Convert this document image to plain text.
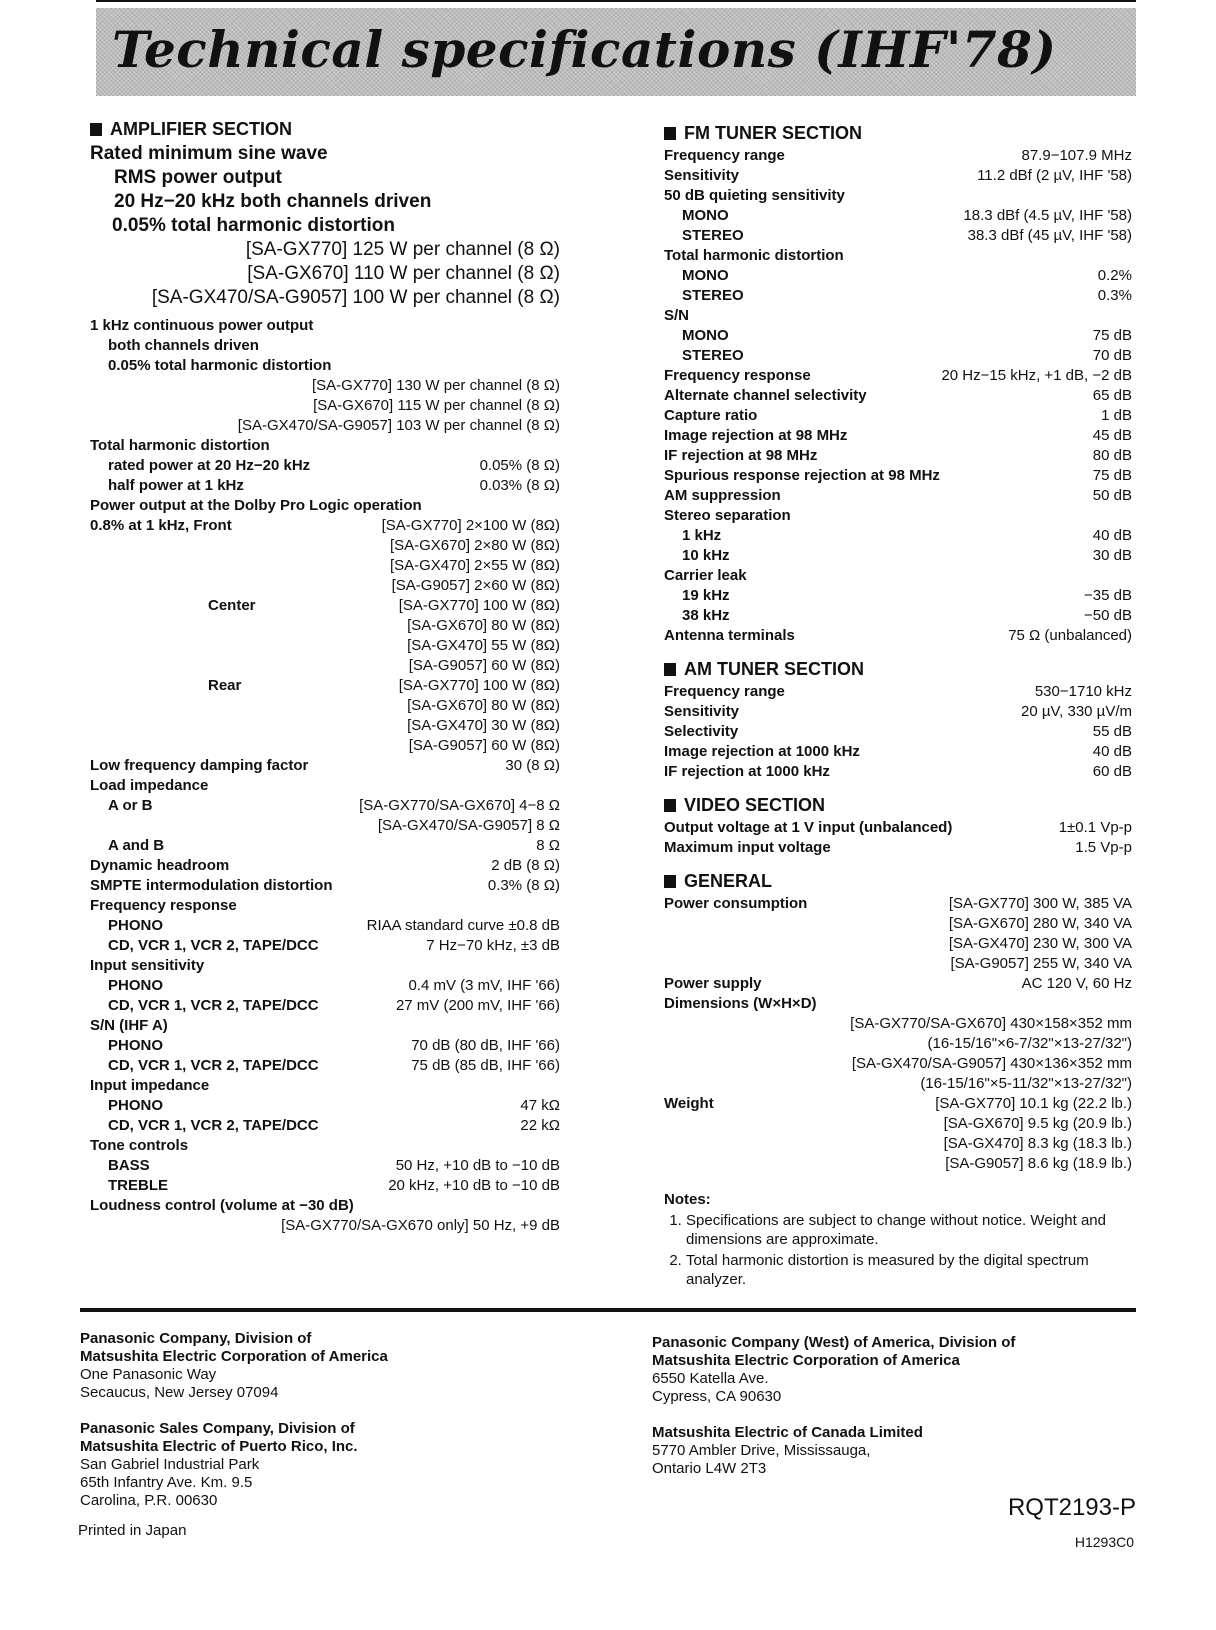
Technical specifications (IHF'78)
AMPLIFIER SECTION
Rated minimum sine wave
RMS power output
20 Hz−20 kHz both channels driven
0.05% total harmonic distortion
[SA-GX770] 125 W per channel (8 Ω)
[SA-GX670] 110 W per channel (8 Ω)
[SA-GX470/SA-G9057] 100 W per channel (8 Ω)
1 kHz continuous power output
both channels driven
0.05% total harmonic distortion
[SA-GX770] 130 W per channel (8 Ω)
[SA-GX670] 115 W per channel (8 Ω)
[SA-GX470/SA-G9057] 103 W per channel (8 Ω)
Total harmonic distortion
rated power at 20 Hz−20 kHz	0.05% (8 Ω)
half power at 1 kHz	0.03% (8 Ω)
Power output at the Dolby Pro Logic operation
0.8% at 1 kHz, Front	[SA-GX770] 2×100 W (8Ω)
[SA-GX670] 2×80 W (8Ω)
[SA-GX470] 2×55 W (8Ω)
[SA-G9057] 2×60 W (8Ω)
Center	[SA-GX770] 100 W (8Ω)
[SA-GX670] 80 W (8Ω)
[SA-GX470] 55 W (8Ω)
[SA-G9057] 60 W (8Ω)
Rear	[SA-GX770] 100 W (8Ω)
[SA-GX670] 80 W (8Ω)
[SA-GX470] 30 W (8Ω)
[SA-G9057] 60 W (8Ω)
Low frequency damping factor	30 (8 Ω)
Load impedance
A or B	[SA-GX770/SA-GX670] 4−8 Ω
[SA-GX470/SA-G9057] 8 Ω
A and B	8 Ω
Dynamic headroom	2 dB (8 Ω)
SMPTE intermodulation distortion	0.3% (8 Ω)
Frequency response
PHONO	RIAA standard curve ±0.8 dB
CD, VCR 1, VCR 2, TAPE/DCC	7 Hz−70 kHz, ±3 dB
Input sensitivity
PHONO	0.4 mV (3 mV, IHF '66)
CD, VCR 1, VCR 2, TAPE/DCC	27 mV (200 mV, IHF '66)
S/N (IHF A)
PHONO	70 dB (80 dB, IHF '66)
CD, VCR 1, VCR 2, TAPE/DCC	75 dB (85 dB, IHF '66)
Input impedance
PHONO	47 kΩ
CD, VCR 1, VCR 2, TAPE/DCC	22 kΩ
Tone controls
BASS	50 Hz, +10 dB to −10 dB
TREBLE	20 kHz, +10 dB to −10 dB
Loudness control (volume at −30 dB)
[SA-GX770/SA-GX670 only] 50 Hz, +9 dB
FM TUNER SECTION
Frequency range	87.9−107.9 MHz
Sensitivity	11.2 dBf (2 µV, IHF '58)
50 dB quieting sensitivity
MONO	18.3 dBf (4.5 µV, IHF '58)
STEREO	38.3 dBf (45 µV, IHF '58)
Total harmonic distortion
MONO	0.2%
STEREO	0.3%
S/N
MONO	75 dB
STEREO	70 dB
Frequency response	20 Hz−15 kHz, +1 dB, −2 dB
Alternate channel selectivity	65 dB
Capture ratio	1 dB
Image rejection at 98 MHz	45 dB
IF rejection at 98 MHz	80 dB
Spurious response rejection at 98 MHz	75 dB
AM suppression	50 dB
Stereo separation
1 kHz	40 dB
10 kHz	30 dB
Carrier leak
19 kHz	−35 dB
38 kHz	−50 dB
Antenna terminals	75 Ω (unbalanced)
AM TUNER SECTION
Frequency range	530−1710 kHz
Sensitivity	20 µV, 330 µV/m
Selectivity	55 dB
Image rejection at 1000 kHz	40 dB
IF rejection at 1000 kHz	60 dB
VIDEO SECTION
Output voltage at 1 V input (unbalanced)	1±0.1 Vp-p
Maximum input voltage	1.5 Vp-p
GENERAL
Power consumption	[SA-GX770] 300 W, 385 VA
[SA-GX670] 280 W, 340 VA
[SA-GX470] 230 W, 300 VA
[SA-G9057] 255 W, 340 VA
Power supply	AC 120 V, 60 Hz
Dimensions (W×H×D)
[SA-GX770/SA-GX670] 430×158×352 mm
(16-15/16"×6-7/32"×13-27/32")
[SA-GX470/SA-G9057] 430×136×352 mm
(16-15/16"×5-11/32"×13-27/32")
Weight	[SA-GX770] 10.1 kg (22.2 lb.)
[SA-GX670] 9.5 kg (20.9 lb.)
[SA-GX470] 8.3 kg (18.3 lb.)
[SA-G9057] 8.6 kg (18.9 lb.)
Notes:
1. Specifications are subject to change without notice. Weight and dimensions are approximate.
2. Total harmonic distortion is measured by the digital spectrum analyzer.
Panasonic Company, Division of
Matsushita Electric Corporation of America
One Panasonic Way
Secaucus, New Jersey 07094
Panasonic Sales Company, Division of
Matsushita Electric of Puerto Rico, Inc.
San Gabriel Industrial Park
65th Infantry Ave. Km. 9.5
Carolina, P.R. 00630
Panasonic Company (West) of America, Division of
Matsushita Electric Corporation of America
6550 Katella Ave.
Cypress, CA 90630
Matsushita Electric of Canada Limited
5770 Ambler Drive, Mississauga,
Ontario L4W 2T3
Printed in Japan
RQT2193-P
H1293C0
